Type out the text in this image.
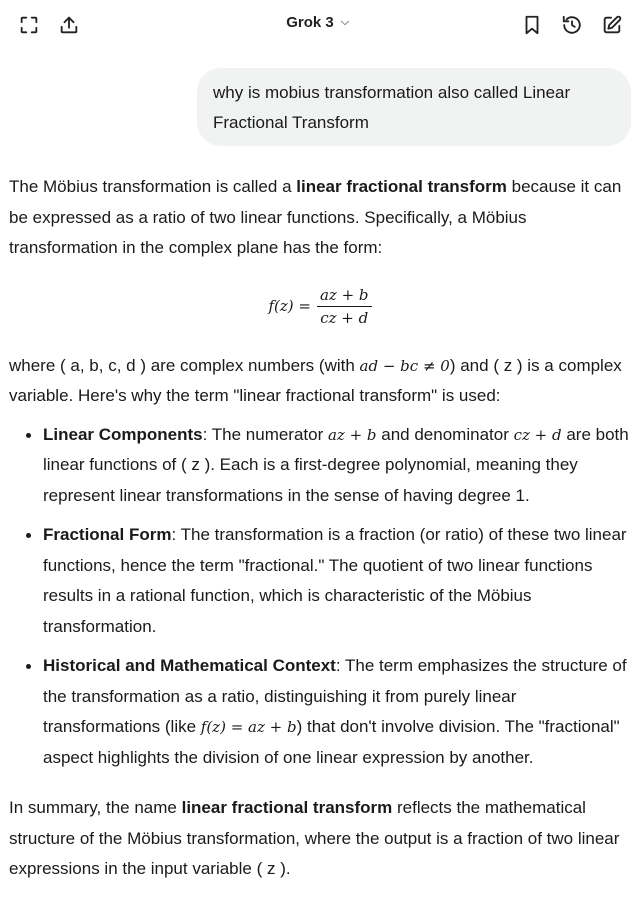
Grok 3
why is mobius transformation also called Linear Fractional Transform

The Möbius transformation is called a linear fractional transform because it can be expressed as a ratio of two linear functions. Specifically, a Möbius transformation in the complex plane has the form:

$f(z) = \frac{az + b}{cz + d}$

where ( a, b, c, d ) are complex numbers (with ad − bc ≠ 0) and ( z ) is a complex variable. Here's why the term "linear fractional transform" is used:

Linear Components: The numerator az + b and denominator cz + d are both linear functions of ( z ). Each is a first-degree polynomial, meaning they represent linear transformations in the sense of having degree 1.
Fractional Form: The transformation is a fraction (or ratio) of these two linear functions, hence the term "fractional." The quotient of two linear functions results in a rational function, which is characteristic of the Möbius transformation.
Historical and Mathematical Context: The term emphasizes the structure of the transformation as a ratio, distinguishing it from purely linear transformations (like f(z) = az + b) that don't involve division. The "fractional" aspect highlights the division of one linear expression by another.

In summary, the name linear fractional transform reflects the mathematical structure of the Möbius transformation, where the output is a fraction of two linear expressions in the input variable ( z ).
